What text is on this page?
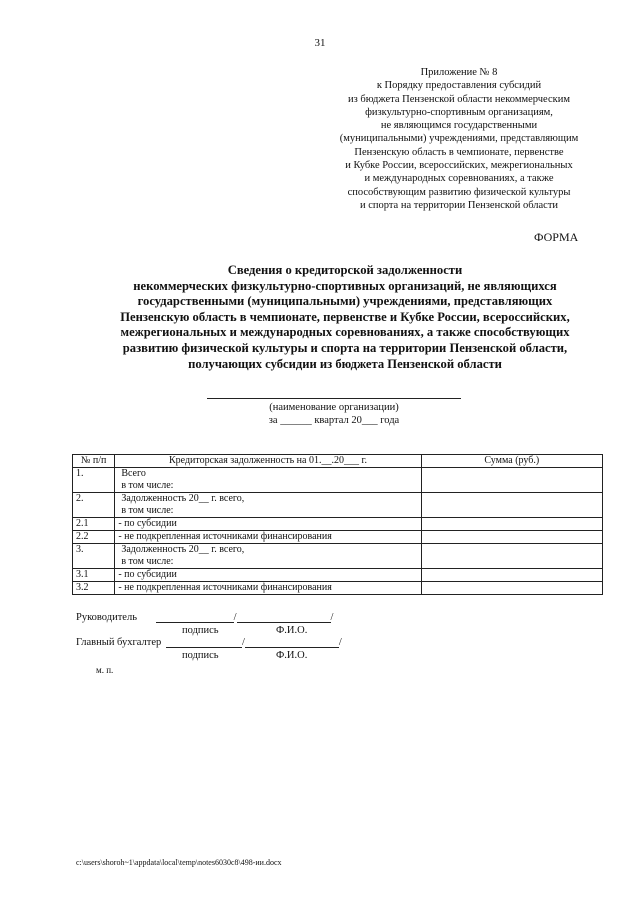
31
Приложение № 8
к Порядку предоставления субсидий
из бюджета Пензенской области некоммерческим
физкультурно-спортивным организациям,
не являющимся государственными
(муниципальными) учреждениями, представляющим
Пензенскую область в чемпионате, первенстве
и Кубке России, всероссийских, межрегиональных
и международных соревнованиях, а также
способствующим развитию физической культуры
и спорта на территории Пензенской области
ФОРМА
Сведения о кредиторской задолженности
некоммерческих физкультурно-спортивных организаций, не являющихся
государственными (муниципальными) учреждениями, представляющих
Пензенскую область в чемпионате, первенстве и Кубке России, всероссийских,
межрегиональных и международных соревнованиях, а также способствующих
развитию физической культуры и спорта на территории Пензенской области,
получающих субсидии из бюджета Пензенской области
(наименование организации)
за ______ квартал 20___ года
№ п/п	Кредиторская задолженность на 01.__.20___ г.	Сумма (руб.)
1.	Всего
в том числе:	

2.	Задолженность 20__ г. всего,
в том числе:	

2.1	- по субсидии	
2.2	- не подкрепленная источниками финансирования	
3.	Задолженность 20__ г. всего,
в том числе:	

3.1	- по субсидии	
3.2	- не подкрепленная источниками финансирования	
Руководитель	/	/
подпись	Ф.И.О.
Главный бухгалтер	/	/
подпись	Ф.И.О.
м. п.
c:\users\shoroh~1\appdata\local\temp\notes6030c8\498-ии.docx
